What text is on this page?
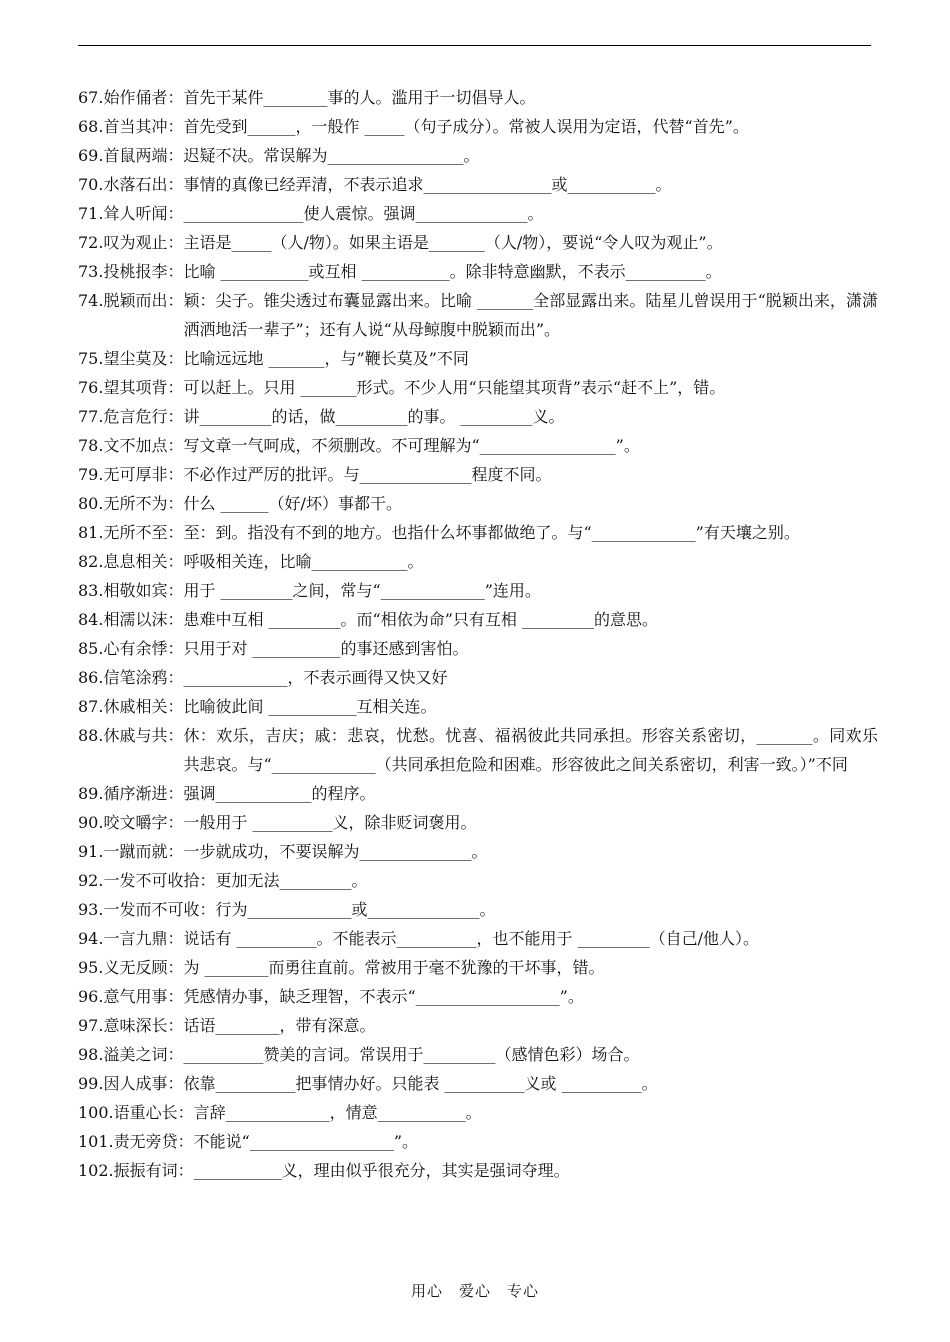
67. 始作俑者： 首先干某件________事的人。滥用于一切倡导人。
68. 首当其冲： 首先受到______，一般作 _____（句子成分）。常被人误用为定语，代替“首先”。
69. 首鼠两端： 迟疑不决。常误解为_________________。
70. 水落石出： 事情的真像已经弄清，不表示追求________________或___________。
71. 耸人听闻： _______________使人震惊。强调______________。
72. 叹为观止： 主语是_____（人/物）。如果主语是_______（人/物），要说“令人叹为观止”。
73. 投桃报李： 比喻 ___________或互相 ___________。除非特意幽默，不表示__________。
74. 脱颖而出： 颖：尖子。锥尖透过布囊显露出来。比喻 _______全部显露出来。陆星儿曾误用于“脱颖出来，潇潇洒洒地活一辈子”；还有人说“从母鲸腹中脱颖而出”。
75. 望尘莫及： 比喻远远地 _______，与”鞭长莫及”不同
76. 望其项背： 可以赶上。只用 _______形式。不少人用“只能望其项背”表示“赶不上”，错。
77. 危言危行： 讲_________的话，做_________的事。 _________义。
78. 文不加点： 写文章一气呵成，不须删改。不可理解为“_________________”。
79. 无可厚非： 不必作过严厉的批评。与______________程度不同。
80. 无所不为： 什么 ______（好/坏）事都干。
81. 无所不至： 至：到。指没有不到的地方。也指什么坏事都做绝了。与“_____________”有天壤之别。
82. 息息相关： 呼吸相关连，比喻____________。
83. 相敬如宾： 用于 _________之间，常与“_____________”连用。
84. 相濡以沫： 患难中互相 _________。而“相依为命”只有互相 _________的意思。
85. 心有余悸： 只用于对 ___________的事还感到害怕。
86. 信笔涂鸦： _____________，不表示画得又快又好
87. 休戚相关： 比喻彼此间 ___________互相关连。
88. 休戚与共： 休：欢乐，吉庆；戚：悲哀，忧愁。忧喜、福祸彼此共同承担。形容关系密切，_______。同欢乐共悲哀。与“_____________（共同承担危险和困难。形容彼此之间关系密切，利害一致。）”不同
89. 循序渐进： 强调____________的程序。
90. 咬文嚼字： 一般用于 __________义，除非贬词褒用。
91. 一蹴而就： 一步就成功，不要误解为______________。
92. 一发不可收拾： 更加无法_________。
93. 一发而不可收： 行为_____________或______________。
94. 一言九鼎： 说话有 __________。不能表示__________，也不能用于 _________（自己/他人）。
95. 义无反顾： 为 ________而勇往直前。常被用于毫不犹豫的干坏事，错。
96. 意气用事： 凭感情办事，缺乏理智，不表示“__________________”。
97. 意味深长： 话语________，带有深意。
98. 溢美之词： __________赞美的言词。常误用于_________（感情色彩）场合。
99. 因人成事： 依靠__________把事情办好。只能表 __________义或 __________。
100. 语重心长： 言辞_____________，情意___________。
101. 责无旁贷： 不能说“__________________”。
102. 振振有词： ___________义，理由似乎很充分，其实是强词夺理。
用心　爱心　专心
